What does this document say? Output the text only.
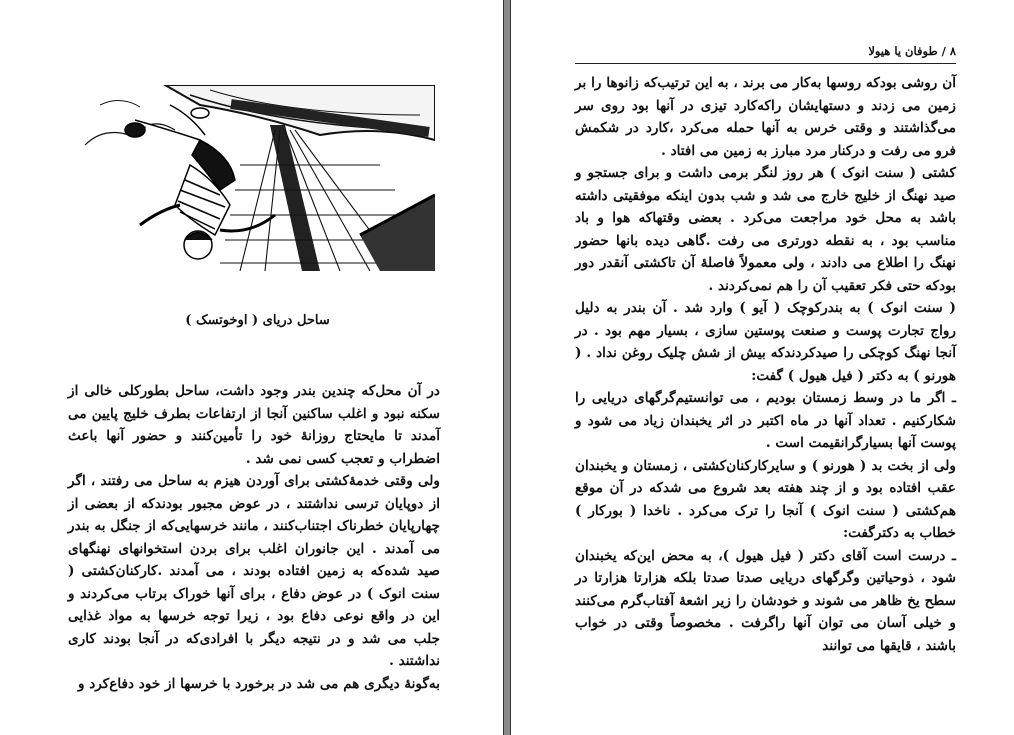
ساحل دریای ( اوخوتسک )

در آن محل‌که چندین بندر وجود داشت، ساحل بطورکلی خالی از سکنه نبود و اغلب ساکنین آنجا از ارتفاعات بطرف خلیج پایین می آمدند تا مایحتاج روزانهٔ خود را تأمین‌کنند و حضور آنها باعث اضطراب و تعجب کسی نمی شد .

ولی وقتی خدمهٔ‌کشتی برای آوردن هیزم به ساحل می رفتند ، اگر از دوپایان ترسی نداشتند ، در عوض مجبور بودندکه از بعضی از چهارپایان خطرناک اجتناب‌کنند ، مانند خرسهایی‌که از جنگل به بندر می آمدند . این جانوران اغلب برای بردن استخوانهای نهنگهای صید شده‌که به زمین افتاده بودند ، می آمدند .کارکنان‌کشتی ( سنت انوک ) در عوض دفاع ، برای آنها خوراک برتاب می‌کردند و این در واقع نوعی دفاع بود ، زیرا توجه خرسها به مواد غذایی جلب می شد و در نتیجه دیگر با افرادی‌که در آنجا بودند کاری نداشتند .

به‌گونهٔ دیگری هم می شد در برخورد با خرسها از خود دفاع‌کرد و

۸ / طوفان یا هیولا

آن روشی بودکه روسها به‌کار می برند ، به این ترتیب‌که زانوها را بر زمین می زدند و دستهایشان را‌که‌کارد تیزی در آنها بود روی سر می‌گذاشتند و وقتی خرس به آنها حمله می‌کرد ،کارد در شکمش فرو می رفت و درکنار مرد مبارز به زمین می افتاد .

کشتی ( سنت انوک ) هر روز لنگر برمی داشت و برای جستجو و صید نهنگ از خلیج خارج می شد و شب بدون اینکه موفقیتی داشته باشد به محل خود مراجعت می‌کرد . بعضی وقتها‌که هوا و باد مناسب بود ، به نقطه دورتری می رفت .گاهی دیده بانها حضور نهنگ را اطلاع می دادند ، ولی معمولاً فاصلهٔ آن تا‌کشتی آنقدر دور بودکه حتی فکر تعقیب آن را هم نمی‌کردند .

( سنت انوک ) به بندرکوچک ( آیو ) وارد شد . آن بندر به دلیل رواج تجارت پوست و صنعت پوستین سازی ، بسیار مهم بود . در آنجا نهنگ کوچکی را صید‌کردند‌که بیش از شش چلیک روغن نداد . ( هورنو ) به دکتر ( فیل هیول ) گفت:

ـ اگر ما در وسط زمستان بودیم ، می توانستیم‌گرگهای دریایی را شکار‌کنیم . تعداد آنها در ماه اکتبر در اثر یخبندان زیاد می شود و پوست آنها بسیار‌گرانقیمت است .

ولی از بخت بد ( هورنو ) و سایرکارکنان‌کشتی ، زمستان و یخبندان عقب افتاده بود و از چند هفته بعد شروع می شد‌که در آن موقع هم‌کشتی ( سنت انوک ) آنجا را ترک می‌کرد . ناخدا ( بورکار ) خطاب به دکتر‌گفت:

ـ درست است آقای دکتر ( فیل هیول )، به محض این‌که یخبندان شود ، ذوحیاتین و‌گرگهای دریایی صدتا صدتا بلکه هزارتا هزارتا در سطح یخ ظاهر می شوند و خودشان را زیر اشعهٔ آفتاب‌گرم می‌کنند و خیلی آسان می توان آنها را‌گرفت . مخصوصاً وقتی در خواب باشند ، قایقها می توانند
